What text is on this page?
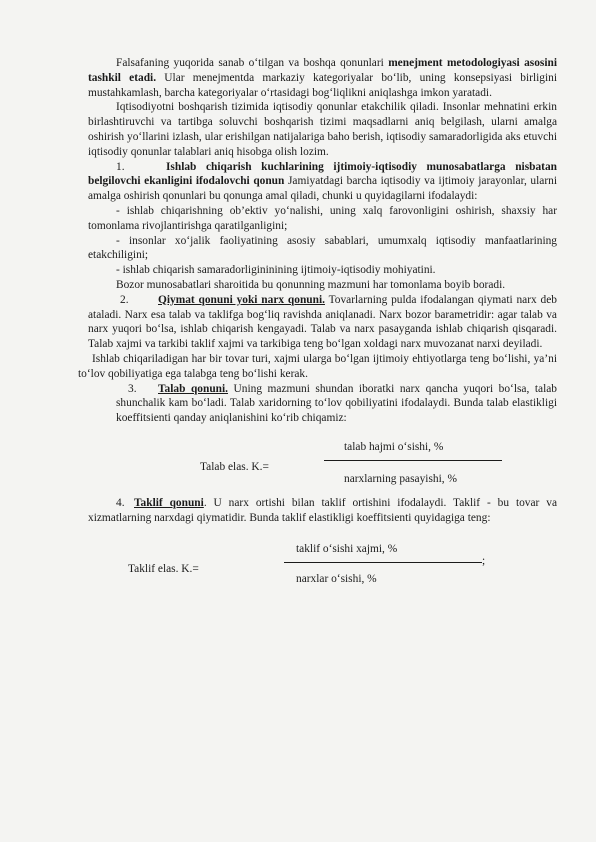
Falsafaning yuqorida sanab o‘tilgan va boshqa qonunlari menejment metodologiyasi asosini tashkil etadi. Ular menejmentda markaziy kategoriyalar bo‘lib, uning konsepsiyasi birligini mustahkamlash, barcha kategoriyalar o‘rtasidagi bog‘liqlikni aniqlashga imkon yaratadi.

Iqtisodiyotni boshqarish tizimida iqtisodiy qonunlar etakchilik qiladi. Insonlar mehnatini erkin birlashtiruvchi va tartibga soluvchi boshqarish tizimi maqsadlarni aniq belgilash, ularni amalga oshirish yo‘llarini izlash, ular erishilgan natijalariga baho berish, iqtisodiy samaradorligida aks etuvchi iqtisodiy qonunlar talablari aniq hisobga olish lozim.

1.	Ishlab chiqarish kuchlarining ijtimoiy-iqtisodiy munosabatlarga nisbatan belgilovchi ekanligini ifodalovchi qonun Jamiyatdagi barcha iqtisodiy va ijtimoiy jarayonlar, ularni amalga oshirish qonunlari bu qonunga amal qiladi, chunki u quyidagilarni ifodalaydi:

- ishlab chiqarishning ob’ektiv yo‘nalishi, uning xalq farovonligini oshirish, shaxsiy har tomonlama rivojlantirishga qaratilganligini;

- insonlar xo‘jalik faoliyatining asosiy sabablari, umumxalq iqtisodiy manfaatlarining etakchiligini;

- ishlab chiqarish samaradorligininining ijtimoiy-iqtisodiy mohiyatini.

Bozor munosabatlari sharoitida bu qonunning mazmuni har tomonlama boyib boradi.

2.	Qiymat qonuni yoki narx qonuni. Tovarlarning pulda ifodalangan qiymati narx deb ataladi. Narx esa talab va taklifga bog‘liq ravishda aniqlanadi. Narx bozor barametridir: agar talab va narx yuqori bo‘lsa, ishlab chiqarish kengayadi. Talab va narx pasayganda ishlab chiqarish qisqaradi. Talab xajmi va tarkibi taklif xajmi va tarkibiga teng bo‘lgan xoldagi narx muvozanat narxi deyiladi.

Ishlab chiqariladigan har bir tovar turi, xajmi ularga bo‘lgan ijtimoiy ehtiyotlarga teng bo‘lishi, ya’ni to‘lov qobiliyatiga ega talabga teng bo‘lishi kerak.

3. Talab qonuni. Uning mazmuni shundan iboratki narx qancha yuqori bo‘lsa, talab shunchalik kam bo‘ladi. Talab xaridorning to‘lov qobiliyatini ifodalaydi. Bunda talab elastikligi koeffitsienti qanday aniqlanishini ko‘rib chiqamiz:

Talab elas. K.=
talab hajmi o‘sishi, %
narxlarning pasayishi, %

4. Taklif qonuni. U narx ortishi bilan taklif ortishini ifodalaydi. Taklif - bu tovar va xizmatlarning narxdagi qiymatidir. Bunda taklif elastikligi koeffitsienti quyidagiga teng:

Taklif elas. K.=
taklif o‘sishi xajmi, %
;
narxlar o‘sishi, %
